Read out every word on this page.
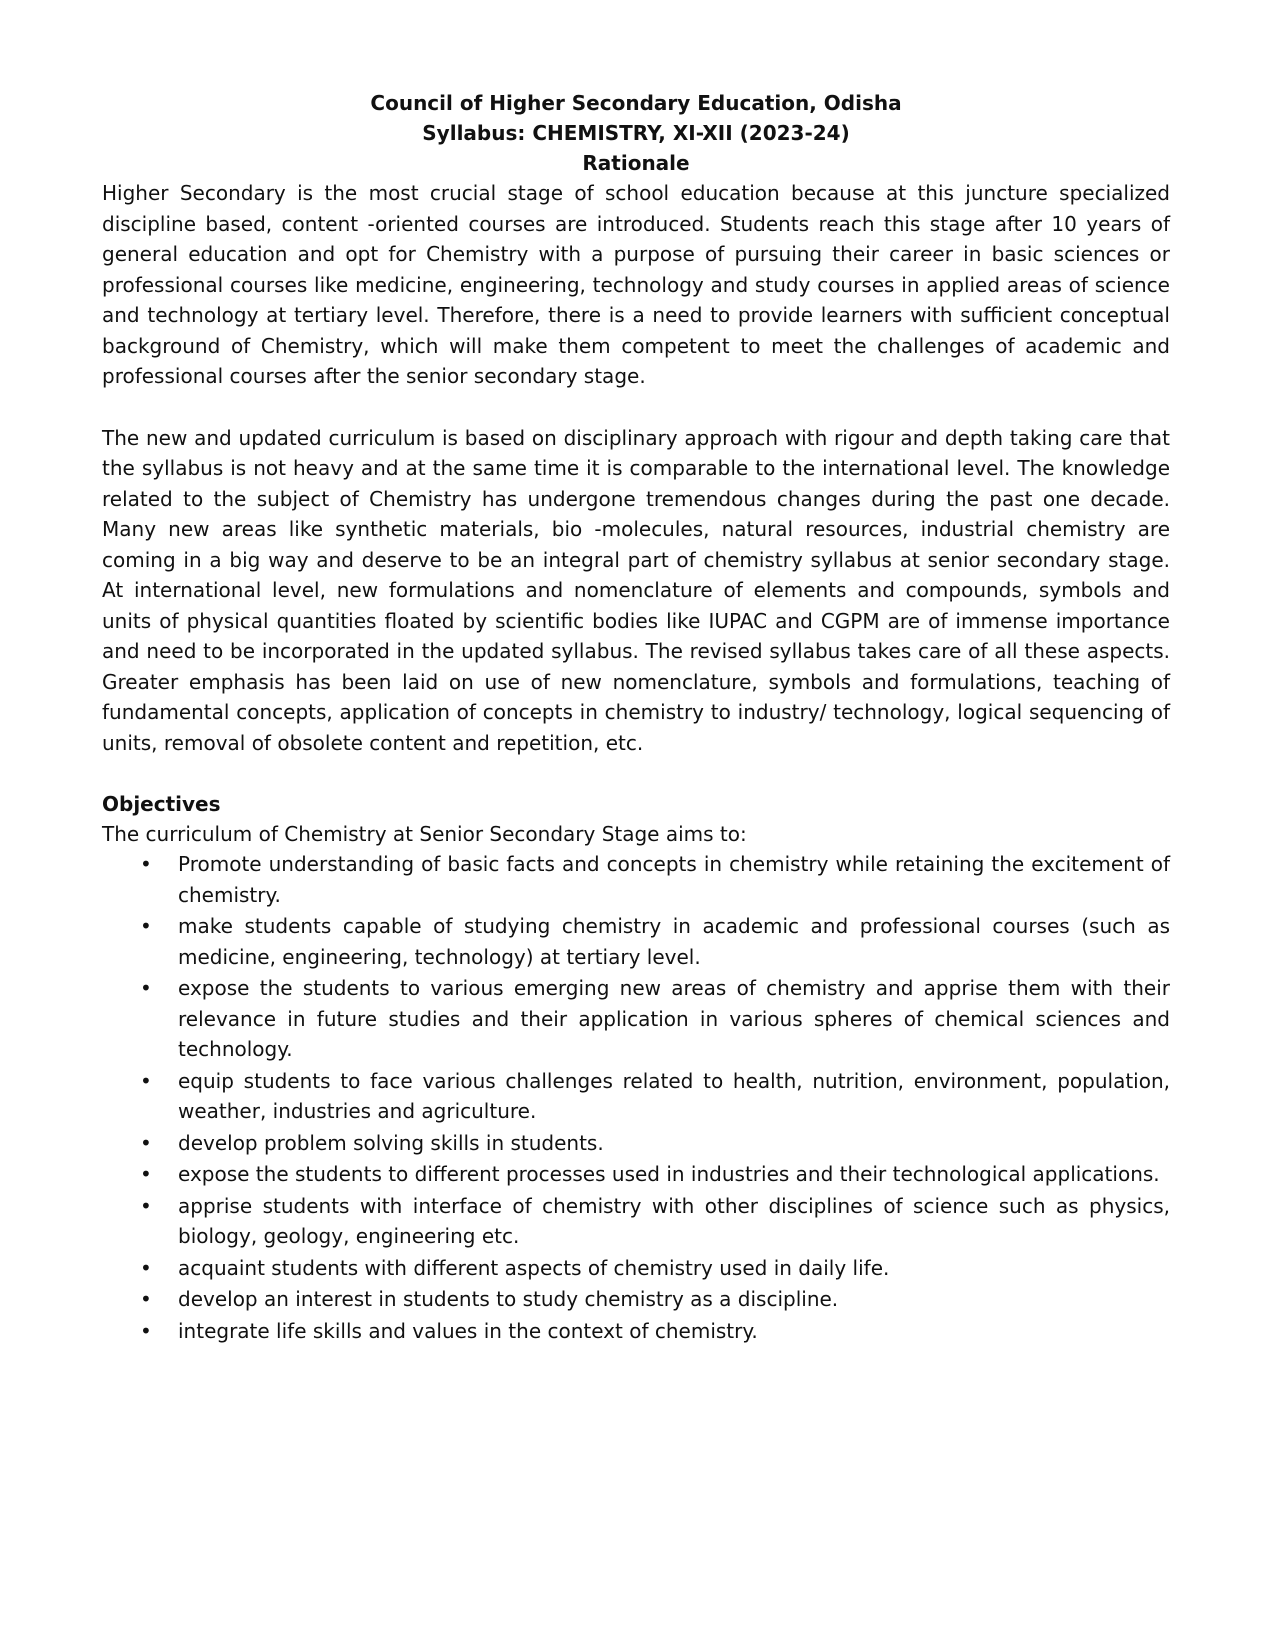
Council of Higher Secondary Education, Odisha
Syllabus: CHEMISTRY, XI-XII (2023-24)
Rationale

Higher Secondary is the most crucial stage of school education because at this juncture specialized discipline based, content -oriented courses are introduced. Students reach this stage after 10 years of general education and opt for Chemistry with a purpose of pursuing their career in basic sciences or professional courses like medicine, engineering, technology and study courses in applied areas of science and technology at tertiary level. Therefore, there is a need to provide learners with sufficient conceptual background of Chemistry, which will make them competent to meet the challenges of academic and professional courses after the senior secondary stage.

The new and updated curriculum is based on disciplinary approach with rigour and depth taking care that the syllabus is not heavy and at the same time it is comparable to the international level. The knowledge related to the subject of Chemistry has undergone tremendous changes during the past one decade. Many new areas like synthetic materials, bio -molecules, natural resources, industrial chemistry are coming in a big way and deserve to be an integral part of chemistry syllabus at senior secondary stage. At international level, new formulations and nomenclature of elements and compounds, symbols and units of physical quantities floated by scientific bodies like IUPAC and CGPM are of immense importance and need to be incorporated in the updated syllabus. The revised syllabus takes care of all these aspects. Greater emphasis has been laid on use of new nomenclature, symbols and formulations, teaching of fundamental concepts, application of concepts in chemistry to industry/ technology, logical sequencing of units, removal of obsolete content and repetition, etc.

Objectives

The curriculum of Chemistry at Senior Secondary Stage aims to:

• Promote understanding of basic facts and concepts in chemistry while retaining the excitement of chemistry.
• make students capable of studying chemistry in academic and professional courses (such as medicine, engineering, technology) at tertiary level.
• expose the students to various emerging new areas of chemistry and apprise them with their relevance in future studies and their application in various spheres of chemical sciences and technology.
• equip students to face various challenges related to health, nutrition, environment, population, weather, industries and agriculture.
• develop problem solving skills in students.
• expose the students to different processes used in industries and their technological applications.
• apprise students with interface of chemistry with other disciplines of science such as physics, biology, geology, engineering etc.
• acquaint students with different aspects of chemistry used in daily life.
• develop an interest in students to study chemistry as a discipline.
• integrate life skills and values in the context of chemistry.
